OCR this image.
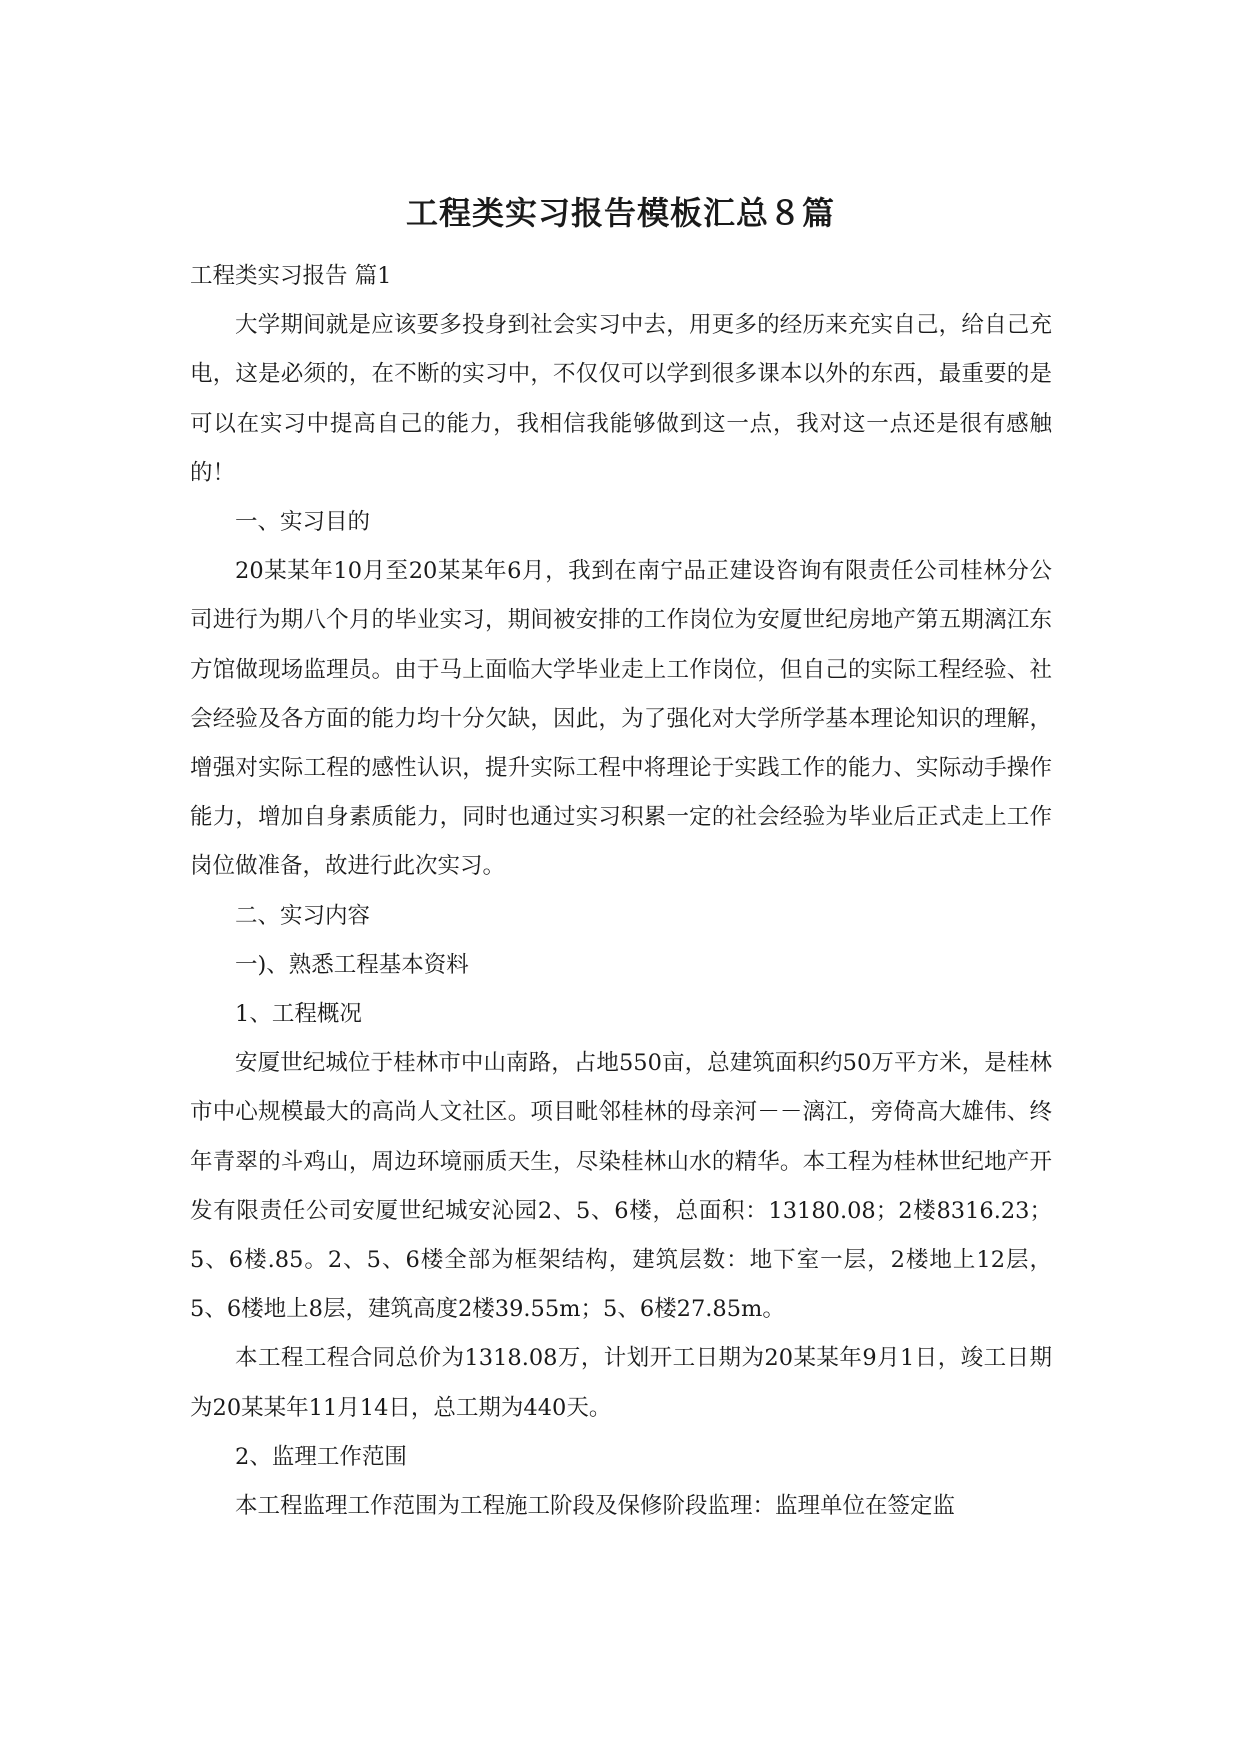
工程类实习报告模板汇总８篇

工程类实习报告 篇1

大学期间就是应该要多投身到社会实习中去，用更多的经历来充实自己，给自己充电，这是必须的，在不断的实习中，不仅仅可以学到很多课本以外的东西，最重要的是可以在实习中提高自己的能力，我相信我能够做到这一点，我对这一点还是很有感触的！

一、实习目的

20某某年10月至20某某年6月，我到在南宁品正建设咨询有限责任公司桂林分公司进行为期八个月的毕业实习，期间被安排的工作岗位为安厦世纪房地产第五期漓江东方馆做现场监理员。由于马上面临大学毕业走上工作岗位，但自己的实际工程经验、社会经验及各方面的能力均十分欠缺，因此，为了强化对大学所学基本理论知识的理解，增强对实际工程的感性认识，提升实际工程中将理论于实践工作的能力、实际动手操作能力，增加自身素质能力，同时也通过实习积累一定的社会经验为毕业后正式走上工作岗位做准备，故进行此次实习。

二、实习内容

一)、熟悉工程基本资料

1、工程概况

安厦世纪城位于桂林市中山南路，占地550亩，总建筑面积约50万平方米，是桂林市中心规模最大的高尚人文社区。项目毗邻桂林的母亲河－－漓江，旁倚高大雄伟、终年青翠的斗鸡山，周边环境丽质天生，尽染桂林山水的精华。本工程为桂林世纪地产开发有限责任公司安厦世纪城安沁园2、5、6楼，总面积：13180.08；2楼8316.23；5、6楼.85。2、5、6楼全部为框架结构，建筑层数：地下室一层，2楼地上12层，5、6楼地上8层，建筑高度2楼39.55m；5、6楼27.85m。

本工程工程合同总价为1318.08万，计划开工日期为20某某年9月1日，竣工日期为20某某年11月14日，总工期为440天。

2、监理工作范围

本工程监理工作范围为工程施工阶段及保修阶段监理：监理单位在签定监
